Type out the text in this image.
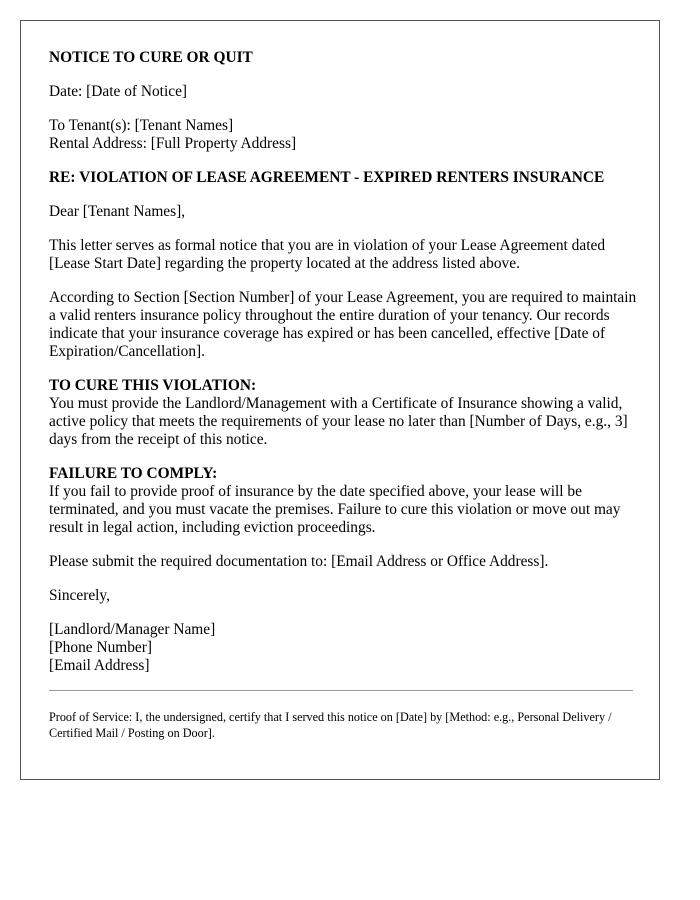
NOTICE TO CURE OR QUIT

Date: [Date of Notice]

To Tenant(s): [Tenant Names]
Rental Address: [Full Property Address]

RE: VIOLATION OF LEASE AGREEMENT - EXPIRED RENTERS INSURANCE

Dear [Tenant Names],

This letter serves as formal notice that you are in violation of your Lease Agreement dated [Lease Start Date] regarding the property located at the address listed above.

According to Section [Section Number] of your Lease Agreement, you are required to maintain a valid renters insurance policy throughout the entire duration of your tenancy. Our records indicate that your insurance coverage has expired or has been cancelled, effective [Date of Expiration/Cancellation].

TO CURE THIS VIOLATION:
You must provide the Landlord/Management with a Certificate of Insurance showing a valid, active policy that meets the requirements of your lease no later than [Number of Days, e.g., 3] days from the receipt of this notice.

FAILURE TO COMPLY:
If you fail to provide proof of insurance by the date specified above, your lease will be terminated, and you must vacate the premises. Failure to cure this violation or move out may result in legal action, including eviction proceedings.

Please submit the required documentation to: [Email Address or Office Address].

Sincerely,

[Landlord/Manager Name]
[Phone Number]
[Email Address]

Proof of Service: I, the undersigned, certify that I served this notice on [Date] by [Method: e.g., Personal Delivery / Certified Mail / Posting on Door].
